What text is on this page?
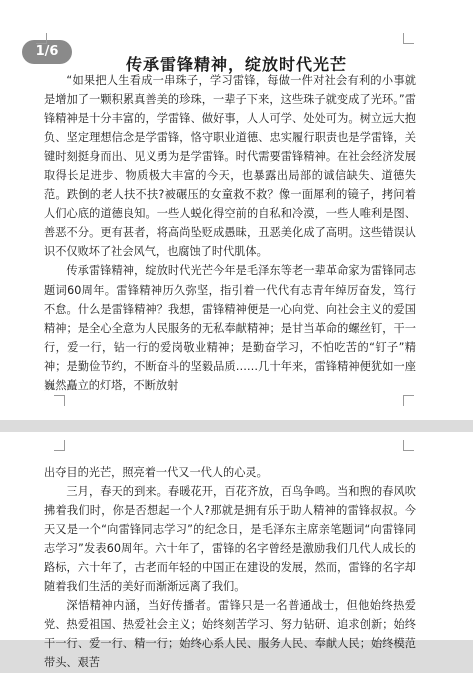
1/6
传承雷锋精神，绽放时代光芒

“如果把人生看成一串珠子，学习雷锋，每做一件对社会有利的小事就是增加了一颗积累真善美的珍珠，一辈子下来，这些珠子就变成了光环。”雷锋精神是十分丰富的，学雷锋、做好事，人人可学、处处可为。树立远大抱负、坚定理想信念是学雷锋，恪守职业道德、忠实履行职责也是学雷锋，关键时刻挺身而出、见义勇为是学雷锋。时代需要雷锋精神。在社会经济发展取得长足进步、物质极大丰富的今天，也暴露出局部的诚信缺失、道德失范。跌倒的老人扶不扶?被碾压的女童救不救？像一面犀利的镜子，拷问着人们心底的道德良知。一些人蜕化得空前的自私和冷漠，一些人唯利是图、善恶不分。更有甚者，将高尚坠贬成愚昧，丑恶美化成了高明。这些错误认识不仅败坏了社会风气，也腐蚀了时代肌体。

传承雷锋精神，绽放时代光芒今年是毛泽东等老一辈革命家为雷锋同志题词60周年。雷锋精神历久弥坚，指引着一代代有志青年绰厉奋发，笃行不怠。什么是雷锋精神？我想，雷锋精神便是一心向党、向社会主义的爱国精神；是全心全意为人民服务的无私奉献精神；是甘当革命的螺丝钉，干一行，爱一行，钻一行的爱岗敬业精神；是勤奋学习，不怕吃苦的“钉子”精神；是勤俭节约，不断奋斗的坚毅品质……几十年来，雷锋精神便犹如一座巍然矗立的灯塔，不断放射

出夺目的光芒，照亮着一代又一代人的心灵。

三月，春天的到来。春暖花开，百花齐放，百鸟争鸣。当和煦的春风吹拂着我们时，你是否想起一个人?那就是拥有乐于助人精神的雷锋叔叔。今天又是一个“向雷锋同志学习”的纪念日，是毛泽东主席亲笔题词“向雷锋同志学习”发表60周年。六十年了，雷锋的名字曾经是激励我们几代人成长的路标，六十年了，古老而年轻的中国正在建设的发展，然而，雷锋的名字却随着我们生活的美好而渐渐远离了我们。

深悟精神内涵，当好传播者。雷锋只是一名普通战士，但他始终热爱党、热爱祖国、热爱社会主义；始终刻苦学习、努力钻研、追求创新；始终干一行、爱一行、精一行；始终心系人民、服务人民、奉献人民；始终模范带头、艰苦
